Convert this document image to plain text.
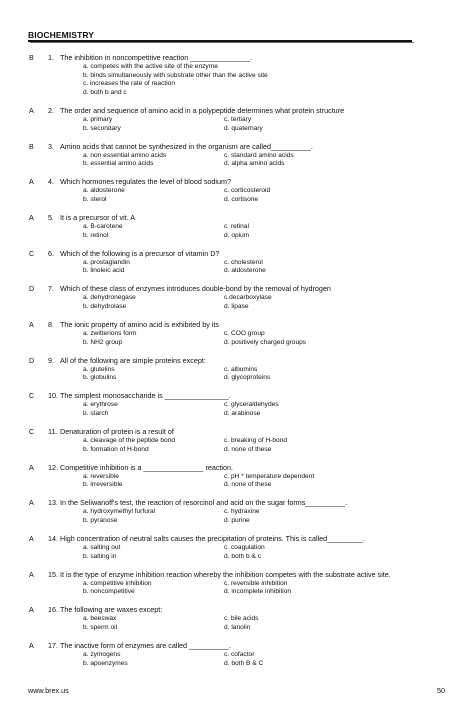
BIOCHEMISTRY
B 1. The inhibition in noncompetitive reaction _______________.
a. competes with the active site of the enzyme
b. binds simultaneously with substrate other than the active site
c. increases the rate of reaction
d. both b and c
A 2. The order and sequence of amino acid in a polypeptide determines what protein structure
a. primary	c. tertiary
b. secondary	d. quaternary
B 3. Amino acids that cannot be synthesized in the organism are called__________.
a. non essential amino acids	c. standard amino acids
b. essential amino acids	d. alpha amino acids
A 4. Which hormones regulates the level of blood sodium?
a. aldosterone	c. corticosteroid
b. sterol	d. cortisone
A 5. It is a precursor of vit. A
a. B-carotene	c. retinal
b. retinol	d. opium
C 6. Which of the following is a precursor of vitamin D?
a. prostaglandin	c. cholesterol
b. linoleic acid	d. aldosterone
D 7. Which of these class of enzymes introduces double-bond by the removal of hydrogen
a. dehydronegase	c.decarboxylase
b. dehydrolase	d. lipase
A 8. The ionic property of amino acid is exhibited by its
a. zwitterions form	c. COO group
b. NH2 group	d. positively charged groups
D 9. All of the following are simple proteins except:
a. glutelins	c. albumins
b. globulins	d. glycoproteins
C 10. The simplest monosaccharide is ________________.
a. erythrose	c. glyceraldehydes
b. starch	d. arabinose
C 11. Denaturation of protein is a result of
a. cleavage of the peptide bond	c. breaking of H-bond
b. formation of H-bond	d. none of these
A 12. Competitive inhibition is a _______________ reaction.
a. reversible	c. pH * temperature dependent
b. irreversible	d. none of these
A 13. In the Seliwanoff's test, the reaction of resorcinol and acid on the sugar forms__________.
a. hydroxymethyl furfural	c. hydraxine
b. pyranose	d. purine
A 14. High concentration of neutral salts causes the precipitation of proteins. This is called_________.
a. salting out	c. coagulation
b. salting in	d. both b & c
A 15. It is the type of enzyme inhibition reaction whereby the inhibition competes with the substrate active site.
a. competitive inhibition	c. reversible inhibition
b. noncompetitive	d. incomplete inhibition
A 16. The following are waxes except:
a. beeswax	c. bile acids
b. sperm oil	d. lanolin
A 17. The inactive form of enzymes are called __________.
a. zymogens	c. cofactor
b. apoenzymes	d. both B & C
www.brex.us	50
